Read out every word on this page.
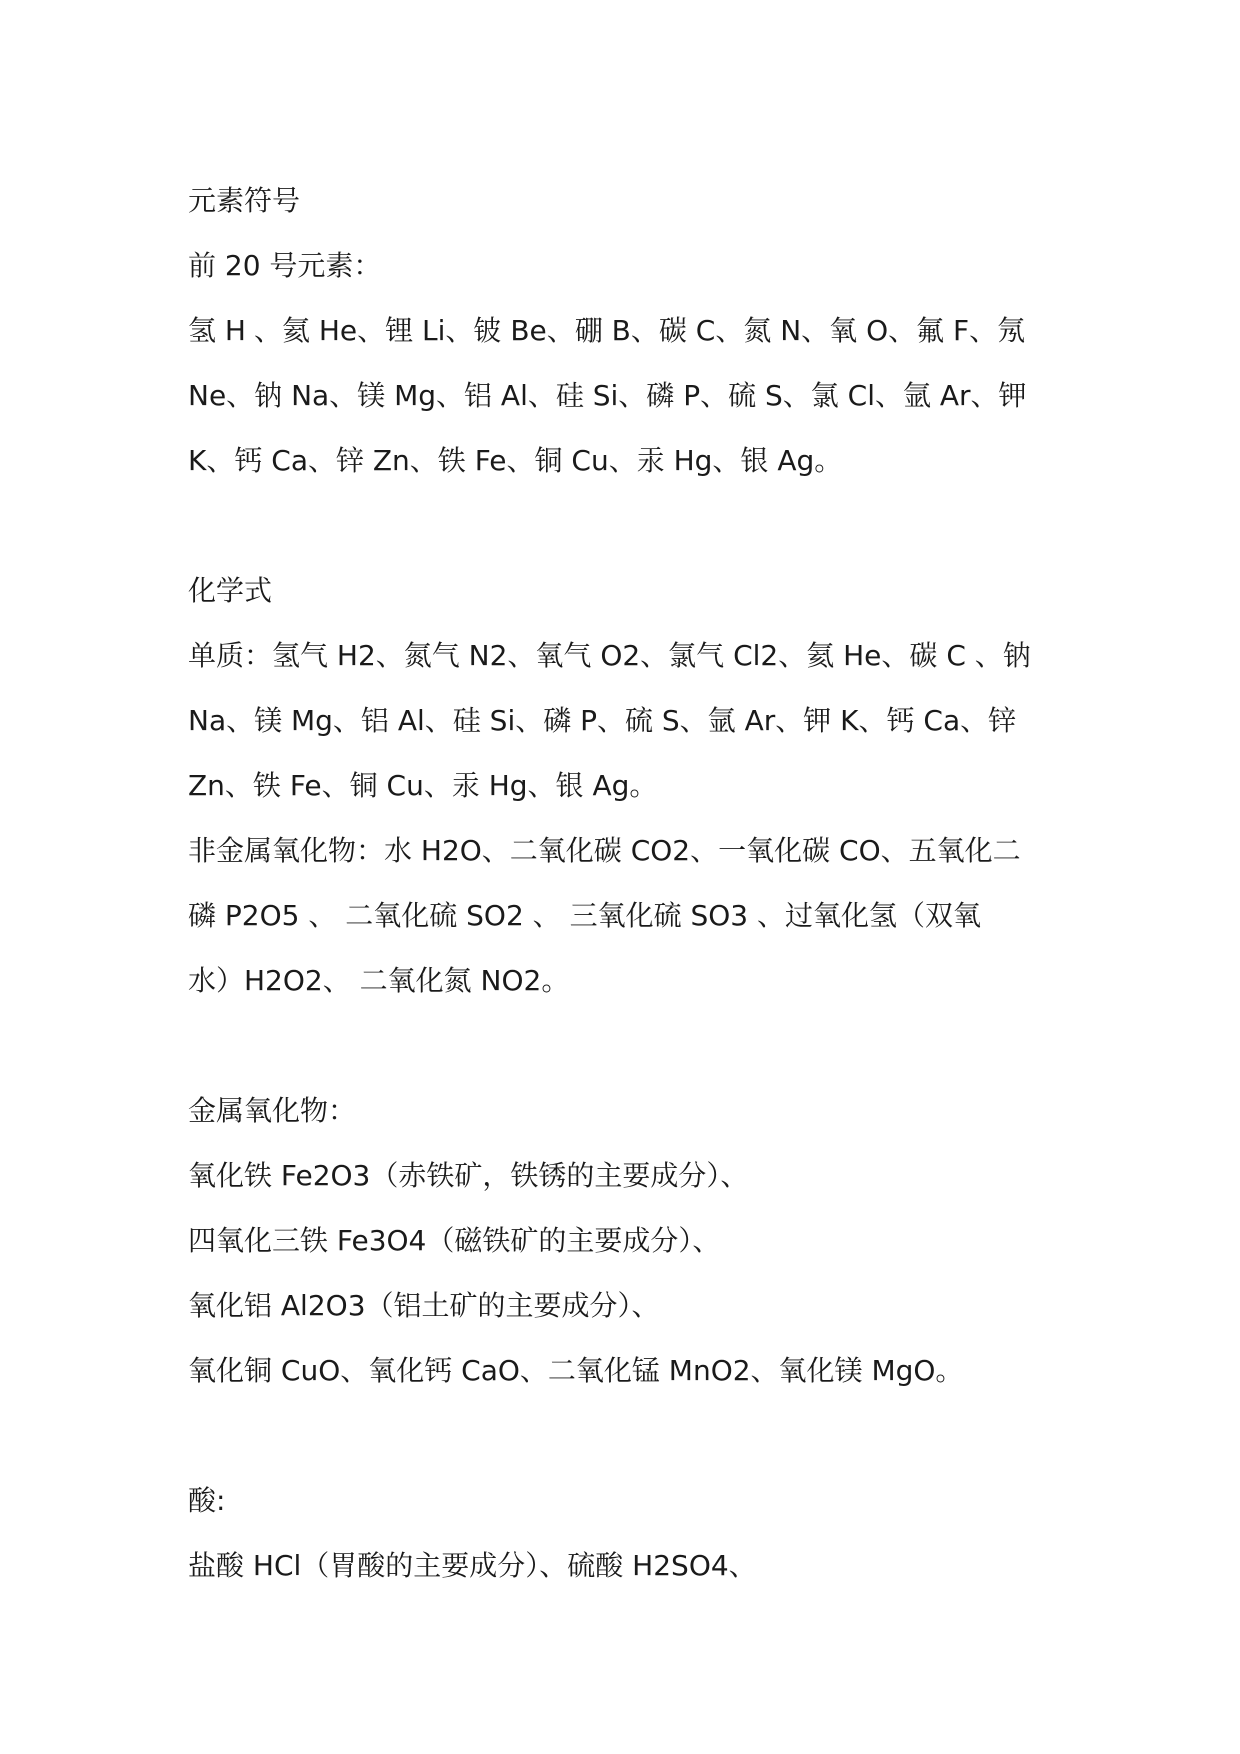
元素符号

前 20 号元素：

氢 H 、氦 He、锂 Li、铍 Be、硼 B、碳 C、氮 N、氧 O、氟 F、氖

Ne、钠 Na、镁 Mg、铝 Al、硅 Si、磷 P、硫 S、氯 Cl、氩 Ar、钾

K、钙 Ca、锌 Zn、铁 Fe、铜 Cu、汞 Hg、银 Ag。

化学式

单质：氢气 H2、氮气 N2、氧气 O2、氯气 Cl2、氦 He、碳 C 、钠

Na、镁 Mg、铝 Al、硅 Si、磷 P、硫 S、氩 Ar、钾 K、钙 Ca、锌

Zn、铁 Fe、铜 Cu、汞 Hg、银 Ag。

非金属氧化物：水 H2O、二氧化碳 CO2、一氧化碳 CO、五氧化二

磷 P2O5 、 二氧化硫 SO2 、 三氧化硫 SO3 、过氧化氢（双氧

水）H2O2、 二氧化氮 NO2。

金属氧化物：

氧化铁 Fe2O3（赤铁矿，铁锈的主要成分）、

四氧化三铁 Fe3O4（磁铁矿的主要成分）、

氧化铝 Al2O3（铝土矿的主要成分）、

氧化铜 CuO、氧化钙 CaO、二氧化锰 MnO2、氧化镁 MgO。

酸:

盐酸 HCl（胃酸的主要成分）、硫酸 H2SO4、
